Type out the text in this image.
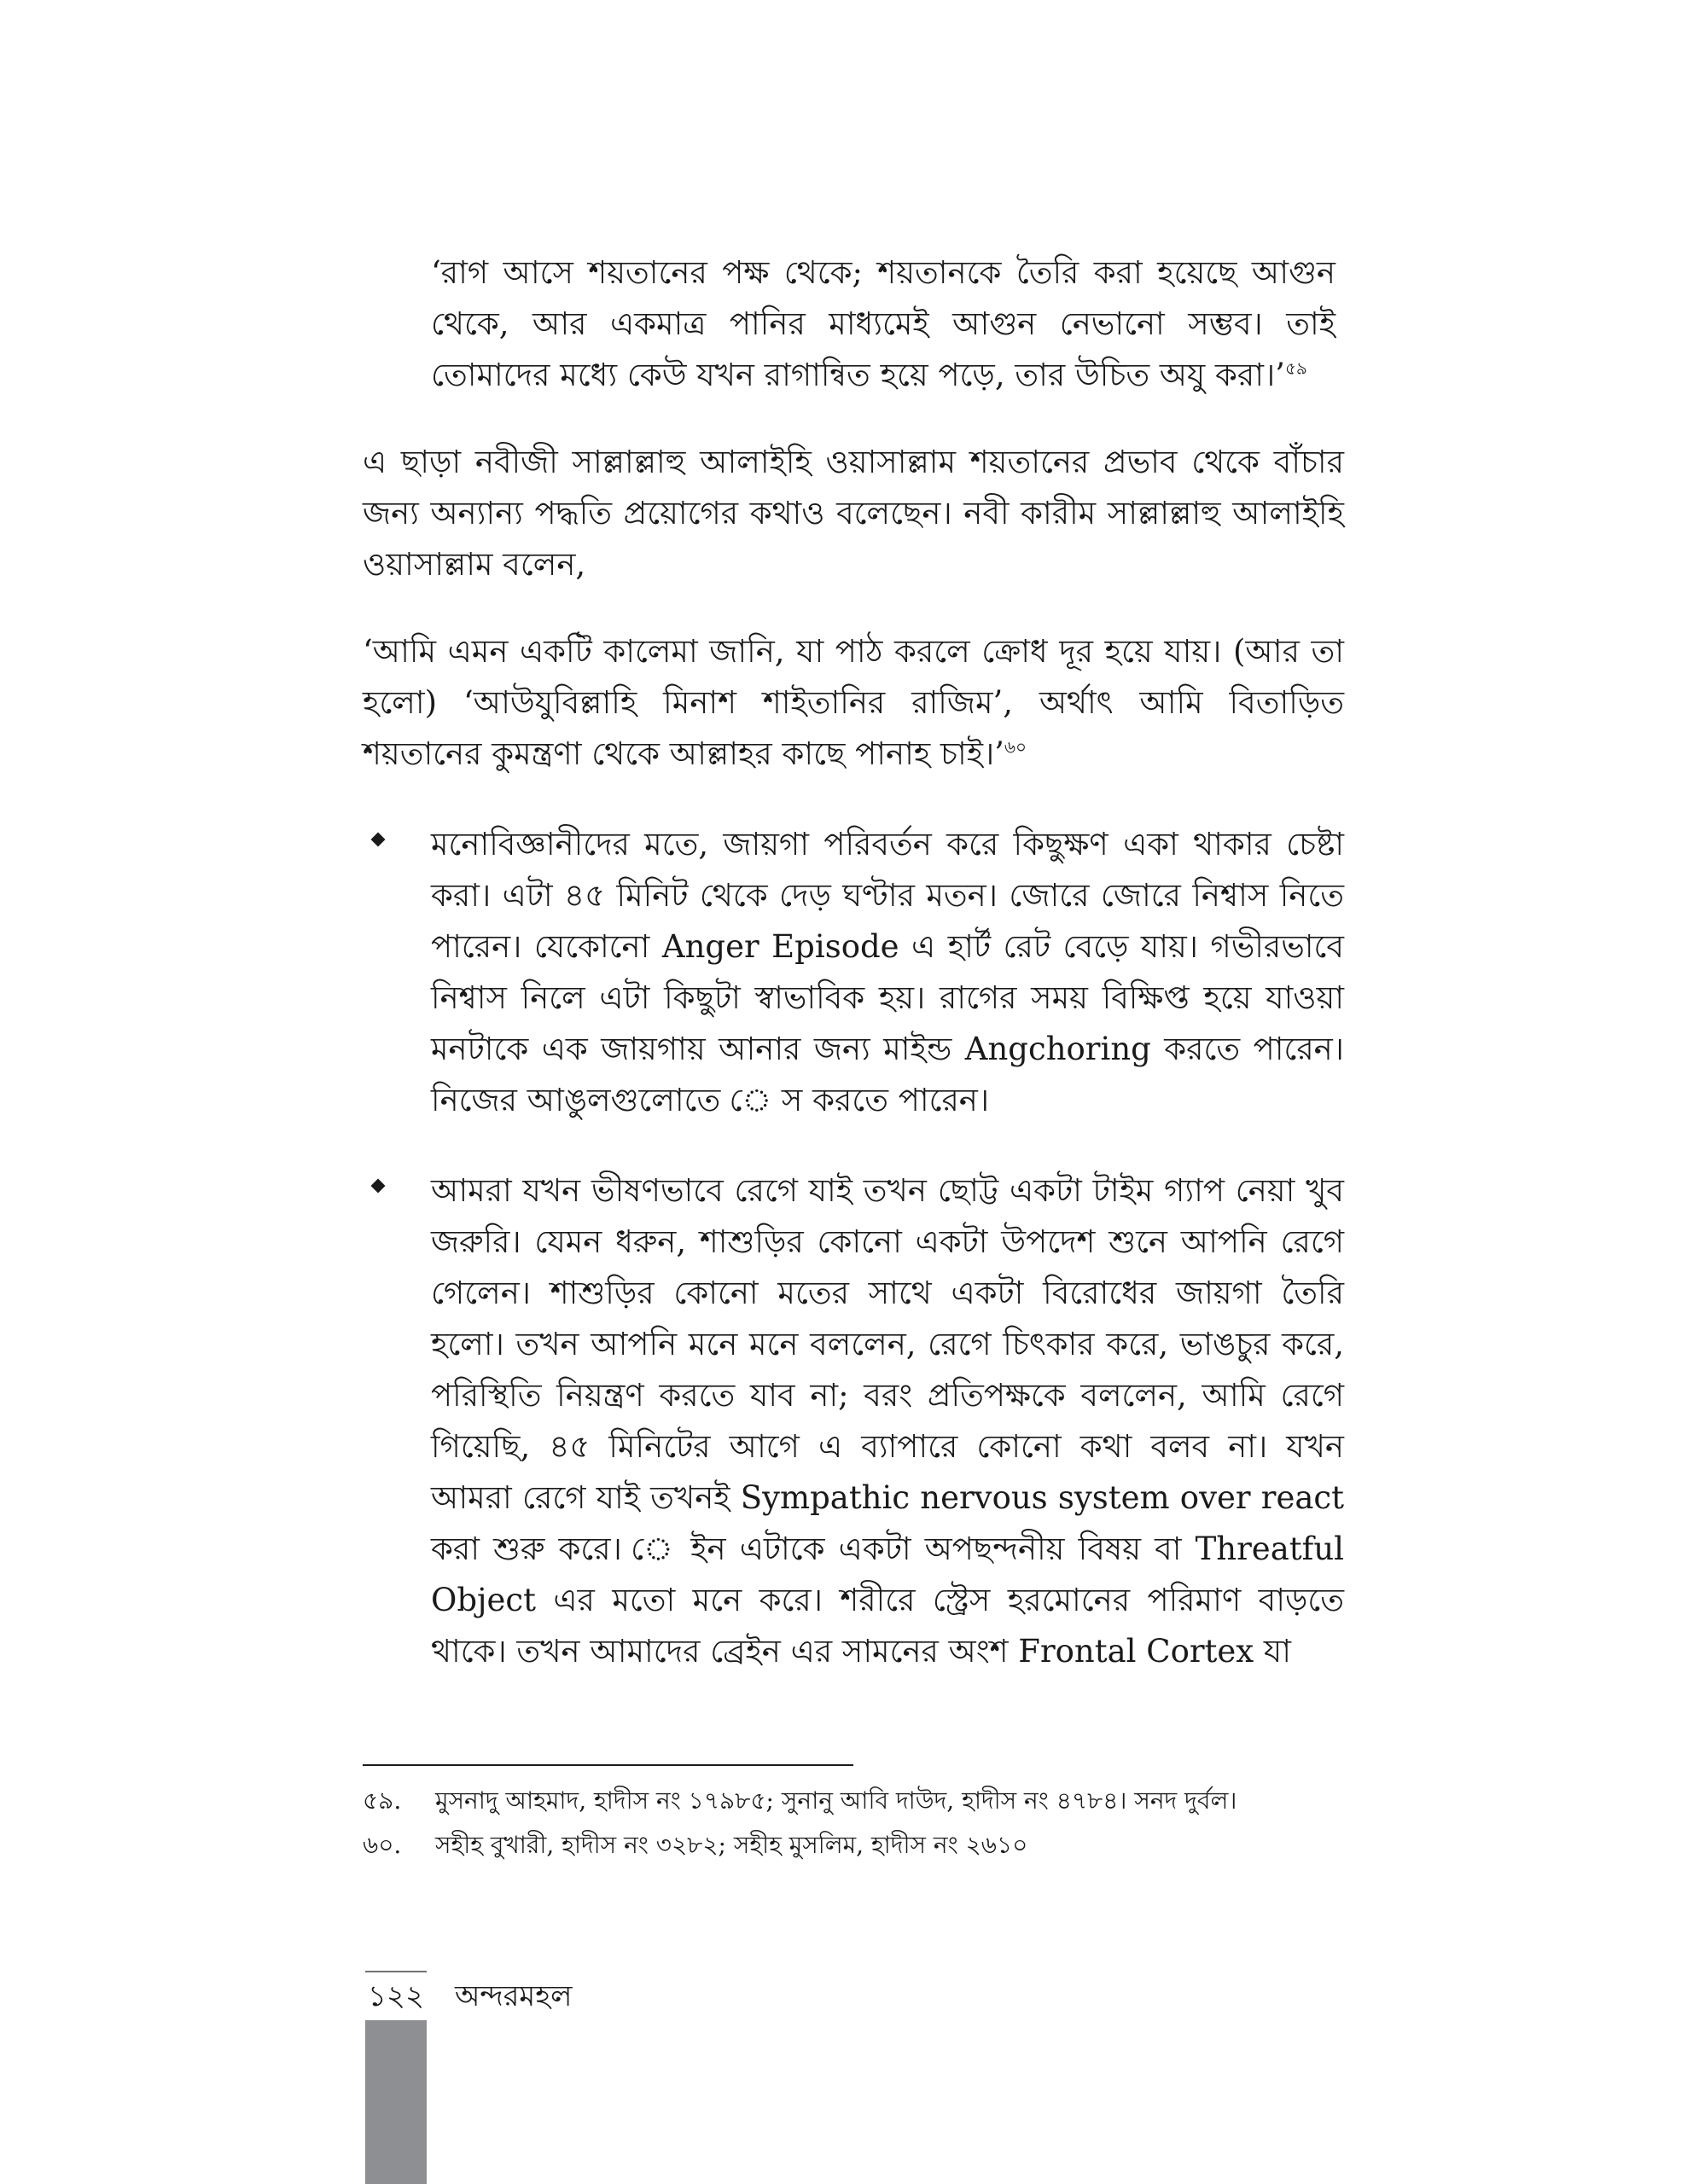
‘রাগ আসে শয়তানের পক্ষ থেকে; শয়তানকে তৈরি করা হয়েছে আগুন থেকে, আর একমাত্র পানির মাধ্যমেই আগুন নেভানো সম্ভব। তাই তোমাদের মধ্যে কেউ যখন রাগান্বিত হয়ে পড়ে, তার উচিত অযু করা।’$^{৫৯}$

এ ছাড়া নবীজী সাল্লাল্লাহু আলাইহি ওয়াসাল্লাম শয়তানের প্রভাব থেকে বাঁচার জন্য অন্যান্য পদ্ধতি প্রয়োগের কথাও বলেছেন। নবী কারীম সাল্লাল্লাহু আলাইহি ওয়াসাল্লাম বলেন,

‘আমি এমন একটি কালেমা জানি, যা পাঠ করলে ক্রোধ দূর হয়ে যায়। (আর তা হলো) ‘আউযুবিল্লাহি মিনাশ শাইতানির রাজিম’, অর্থাৎ আমি বিতাড়িত শয়তানের কুমন্ত্রণা থেকে আল্লাহর কাছে পানাহ চাই।’$^{৬০}$

মনোবিজ্ঞানীদের মতে, জায়গা পরিবর্তন করে কিছুক্ষণ একা থাকার চেষ্টা করা। এটা ৪৫ মিনিট থেকে দেড় ঘণ্টার মতন। জোরে জোরে নিশ্বাস নিতে পারেন। যেকোনো Anger Episode এ হার্ট রেট বেড়ে যায়। গভীরভাবে নিশ্বাস নিলে এটা কিছুটা স্বাভাবিক হয়। রাগের সময় বিক্ষিপ্ত হয়ে যাওয়া মনটাকে এক জায়গায় আনার জন্য মাইন্ড Angchoring করতে পারেন। নিজের আঙুলগুলোতে ে স করতে পারেন।
আমরা যখন ভীষণভাবে রেগে যাই তখন ছোট্ট একটা টাইম গ্যাপ নেয়া খুব জরুরি। যেমন ধরুন, শাশুড়ির কোনো একটা উপদেশ শুনে আপনি রেগে গেলেন। শাশুড়ির কোনো মতের সাথে একটা বিরোধের জায়গা তৈরি হলো। তখন আপনি মনে মনে বললেন, রেগে চিৎকার করে, ভাঙচুর করে, পরিস্থিতি নিয়ন্ত্রণ করতে যাব না; বরং প্রতিপক্ষকে বললেন, আমি রেগে গিয়েছি, ৪৫ মিনিটের আগে এ ব্যাপারে কোনো কথা বলব না। যখন আমরা রেগে যাই তখনই Sympathic nervous system over react করা শুরু করে। ে ইন এটাকে একটা অপছন্দনীয় বিষয় বা Threatful Object এর মতো মনে করে। শরীরে স্ট্রেস হরমোনের পরিমাণ বাড়তে থাকে। তখন আমাদের ব্রেইন এর সামনের অংশ Frontal Cortex যা
৫৯.	মুসনাদু আহমাদ, হাদীস নং ১৭৯৮৫; সুনানু আবি দাউদ, হাদীস নং ৪৭৮৪। সনদ দুর্বল।
৬০.	সহীহ বুখারী, হাদীস নং ৩২৮২; সহীহ মুসলিম, হাদীস নং ২৬১০
১২২ অন্দরমহল
